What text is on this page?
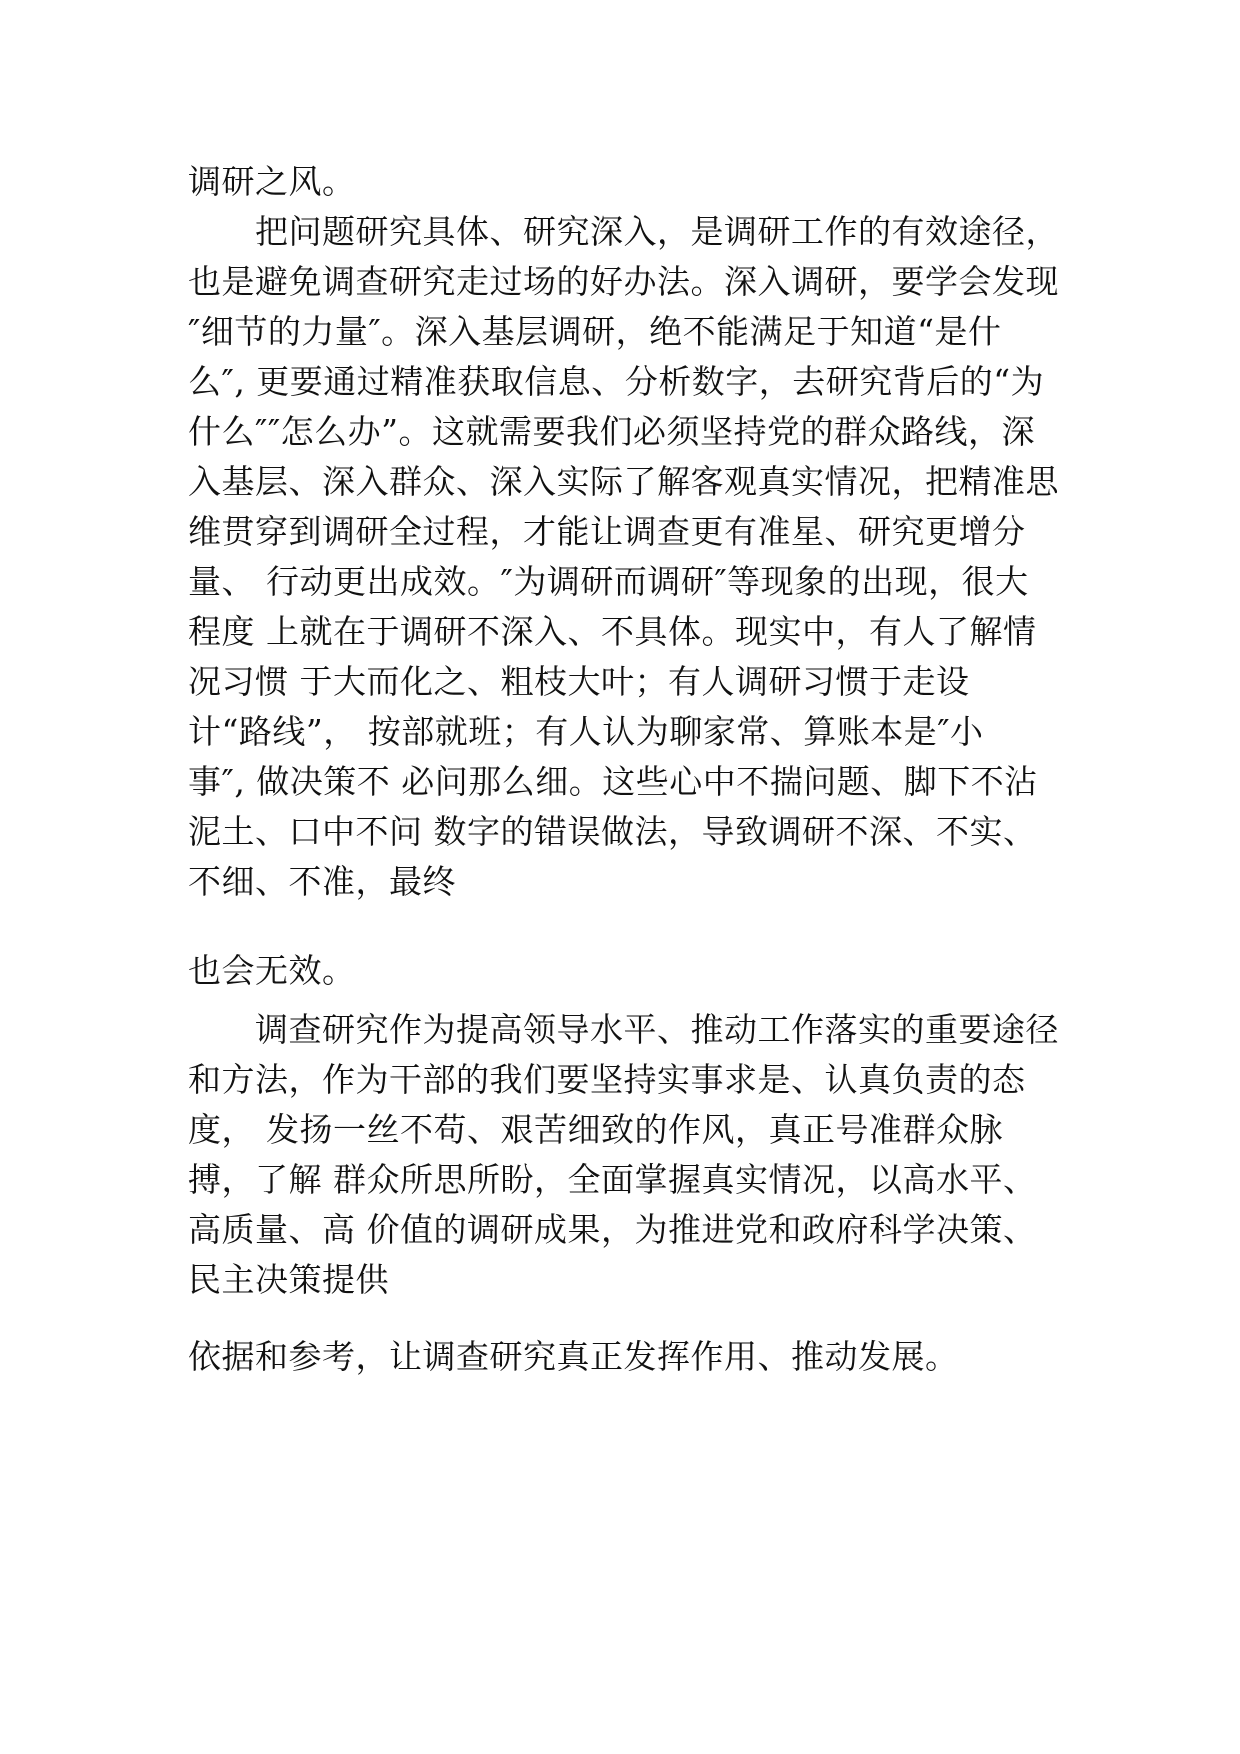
调研之风。
把问题研究具体、研究深入，是调研工作的有效途径，
也是避免调查研究走过场的好办法。深入调研，要学会发现
″细节的力量″。深入基层调研，绝不能满足于知道“是什
么″, 更要通过精准获取信息、分析数字，去研究背后的“为
什么″″怎么办”。这就需要我们必须坚持党的群众路线，深
入基层、深入群众、深入实际了解客观真实情况，把精准思
维贯穿到调研全过程，才能让调查更有准星、研究更增分
量、 行动更出成效。″为调研而调研″等现象的出现，很大
程度 上就在于调研不深入、不具体。现实中，有人了解情
况习惯 于大而化之、粗枝大叶；有人调研习惯于走设
计“路线”， 按部就班；有人认为聊家常、算账本是″小
事″, 做决策不 必问那么细。这些心中不揣问题、脚下不沾
泥土、口中不问 数字的错误做法，导致调研不深、不实、
不细、不准，最终
也会无效。
调查研究作为提高领导水平、推动工作落实的重要途径
和方法，作为干部的我们要坚持实事求是、认真负责的态
度， 发扬一丝不苟、艰苦细致的作风，真正号准群众脉
搏，了解 群众所思所盼，全面掌握真实情况，以高水平、
高质量、高 价值的调研成果，为推进党和政府科学决策、
民主决策提供
依据和参考，让调查研究真正发挥作用、推动发展。
